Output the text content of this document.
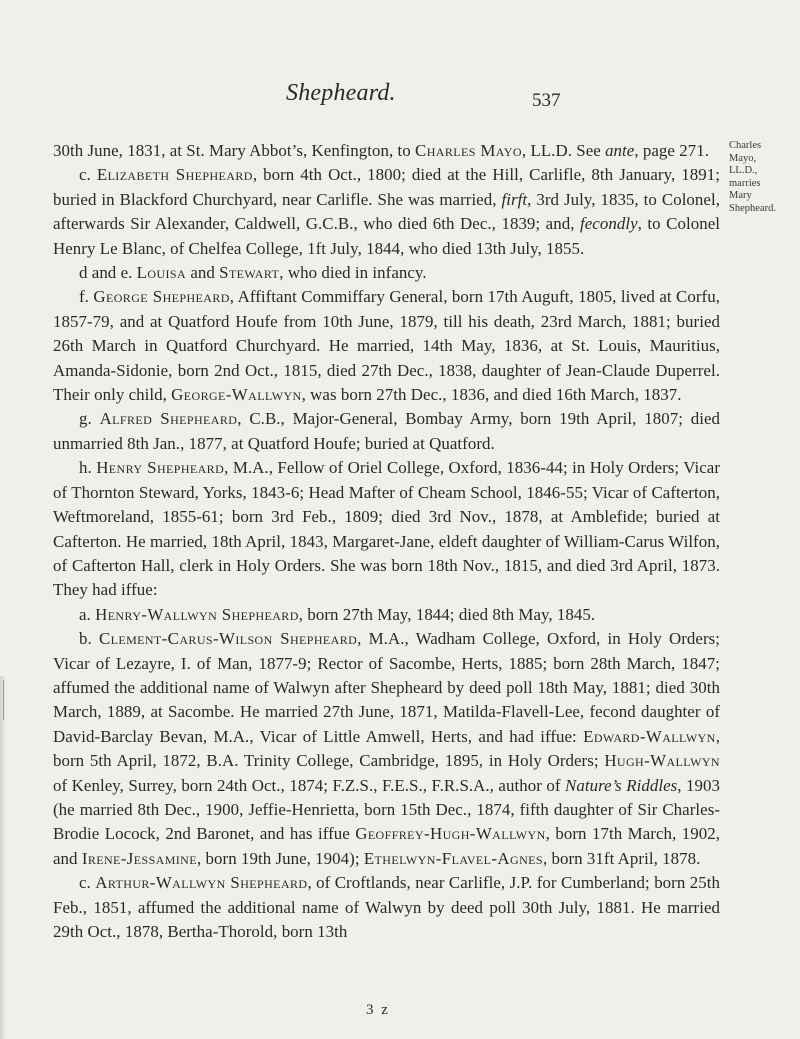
Shepheard.	537
Charles
Mayo,
LL.D.,
marries
Mary
Shepheard.

30th June, 1831, at St. Mary Abbot’s, Kenfington, to Charles Mayo, LL.D. See ante, page 271.

c. Elizabeth Shepheard, born 4th Oct., 1800; died at the Hill, Carlifle, 8th January, 1891; buried in Blackford Churchyard, near Carlifle. She was married, firft, 3rd July, 1835, to Colonel, afterwards Sir Alexander, Caldwell, G.C.B., who died 6th Dec., 1839; and, fecondly, to Colonel Henry Le Blanc, of Chelfea College, 1ft July, 1844, who died 13th July, 1855.

d and e. Louisa and Stewart, who died in infancy.

f. George Shepheard, Affiftant Commiffary General, born 17th Auguft, 1805, lived at Corfu, 1857-79, and at Quatford Houfe from 10th June, 1879, till his death, 23rd March, 1881; buried 26th March in Quatford Churchyard. He married, 14th May, 1836, at St. Louis, Mauritius, Amanda-Sidonie, born 2nd Oct., 1815, died 27th Dec., 1838, daughter of Jean-Claude Duperrel. Their only child, George-Wallwyn, was born 27th Dec., 1836, and died 16th March, 1837.

g. Alfred Shepheard, C.B., Major-General, Bombay Army, born 19th April, 1807; died unmarried 8th Jan., 1877, at Quatford Houfe; buried at Quatford.

h. Henry Shepheard, M.A., Fellow of Oriel College, Oxford, 1836-44; in Holy Orders; Vicar of Thornton Steward, Yorks, 1843-6; Head Mafter of Cheam School, 1846-55; Vicar of Cafterton, Weftmoreland, 1855-61; born 3rd Feb., 1809; died 3rd Nov., 1878, at Amblefide; buried at Cafterton. He married, 18th April, 1843, Margaret-Jane, eldeft daughter of William-Carus Wilfon, of Cafterton Hall, clerk in Holy Orders. She was born 18th Nov., 1815, and died 3rd April, 1873. They had iffue:

a. Henry-Wallwyn Shepheard, born 27th May, 1844; died 8th May, 1845.

b. Clement-Carus-Wilson Shepheard, M.A., Wadham College, Oxford, in Holy Orders; Vicar of Lezayre, I. of Man, 1877-9; Rector of Sacombe, Herts, 1885; born 28th March, 1847; affumed the additional name of Walwyn after Shepheard by deed poll 18th May, 1881; died 30th March, 1889, at Sacombe. He married 27th June, 1871, Matilda-Flavell-Lee, fecond daughter of David-Barclay Bevan, M.A., Vicar of Little Amwell, Herts, and had iffue: Edward-Wallwyn, born 5th April, 1872, B.A. Trinity College, Cambridge, 1895, in Holy Orders; Hugh-Wallwyn of Kenley, Surrey, born 24th Oct., 1874; F.Z.S., F.E.S., F.R.S.A., author of Nature’s Riddles, 1903 (he married 8th Dec., 1900, Jeffie-Henrietta, born 15th Dec., 1874, fifth daughter of Sir Charles-Brodie Locock, 2nd Baronet, and has iffue Geoffrey-Hugh-Wallwyn, born 17th March, 1902, and Irene-Jessamine, born 19th June, 1904); Ethelwyn-Flavel-Agnes, born 31ft April, 1878.

c. Arthur-Wallwyn Shepheard, of Croftlands, near Carlifle, J.P. for Cumberland; born 25th Feb., 1851, affumed the additional name of Walwyn by deed poll 30th July, 1881. He married 29th Oct., 1878, Bertha-Thorold, born 13th

3 z
